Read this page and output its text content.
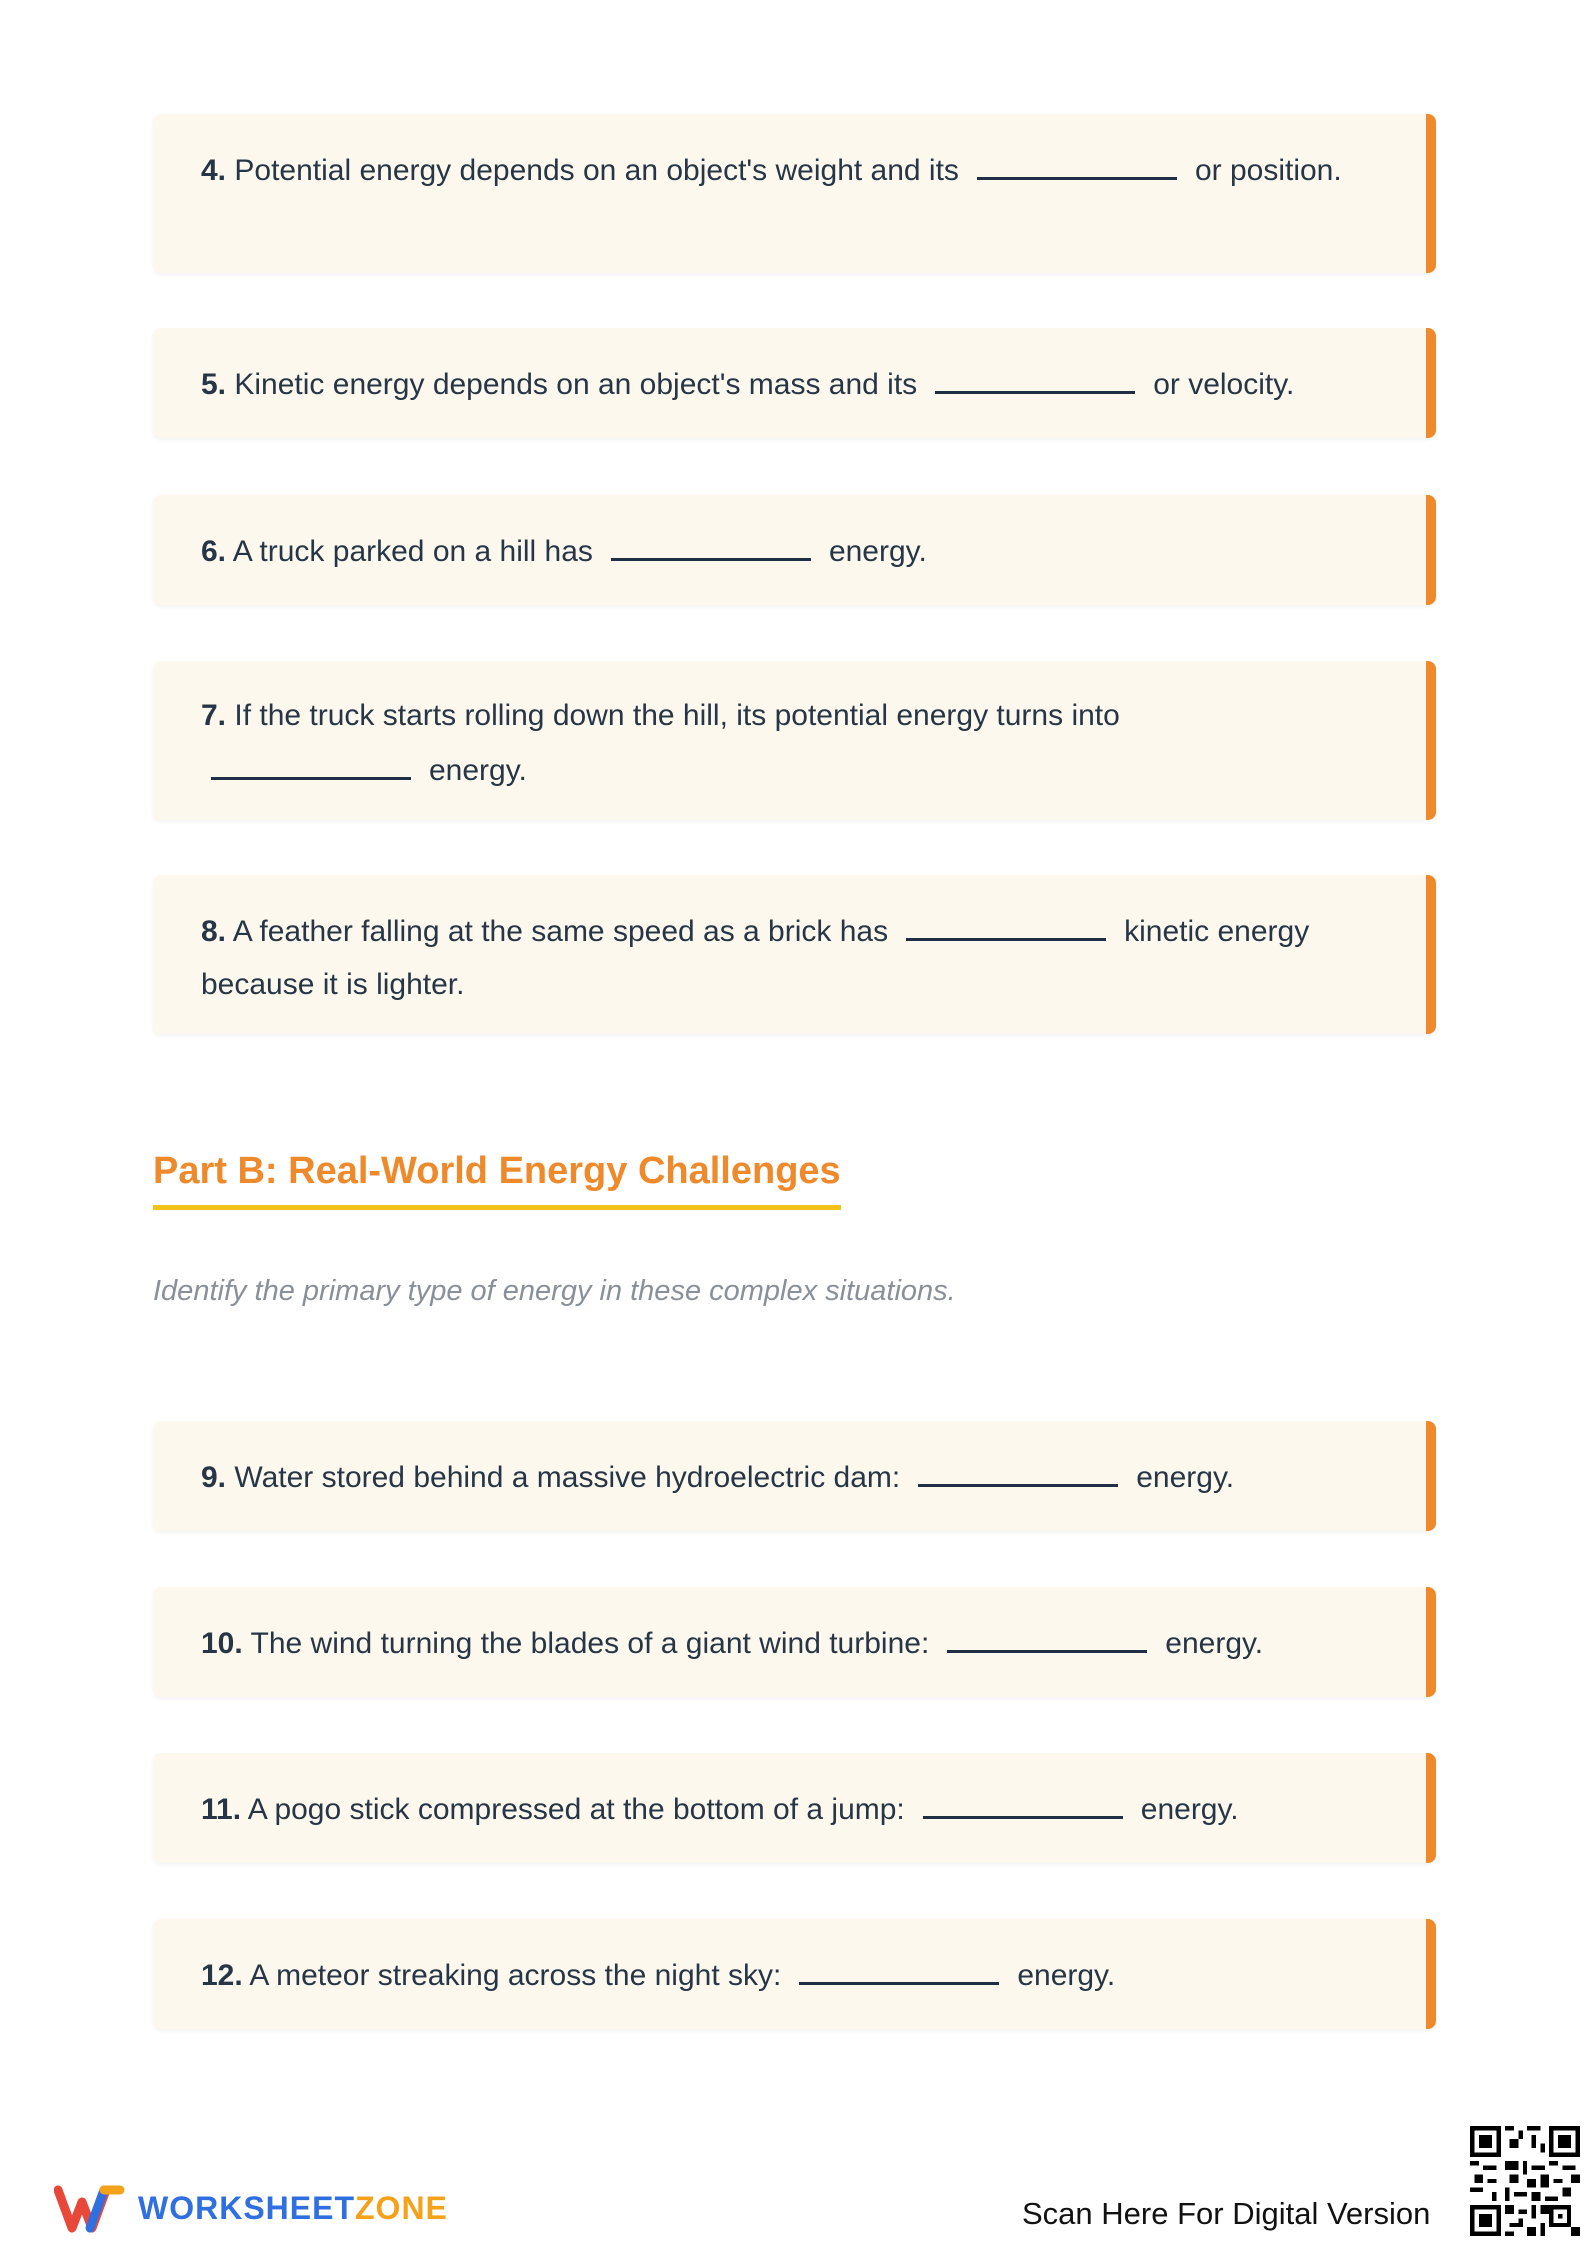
4. Potential energy depends on an object's weight and its	or position.

5. Kinetic energy depends on an object's mass and its	or velocity.

6. A truck parked on a hill has	energy.

7. If the truck starts rolling down the hill, its potential energy turns into
energy.

8. A feather falling at the same speed as a brick has	kinetic energy because it is lighter.

Part B: Real-World Energy Challenges
Identify the primary type of energy in these complex situations.

9. Water stored behind a massive hydroelectric dam:	energy.

10. The wind turning the blades of a giant wind turbine:	energy.

11. A pogo stick compressed at the bottom of a jump:	energy.

12. A meteor streaking across the night sky:	energy.

WORKSHEETZONE	Scan Here For Digital Version
